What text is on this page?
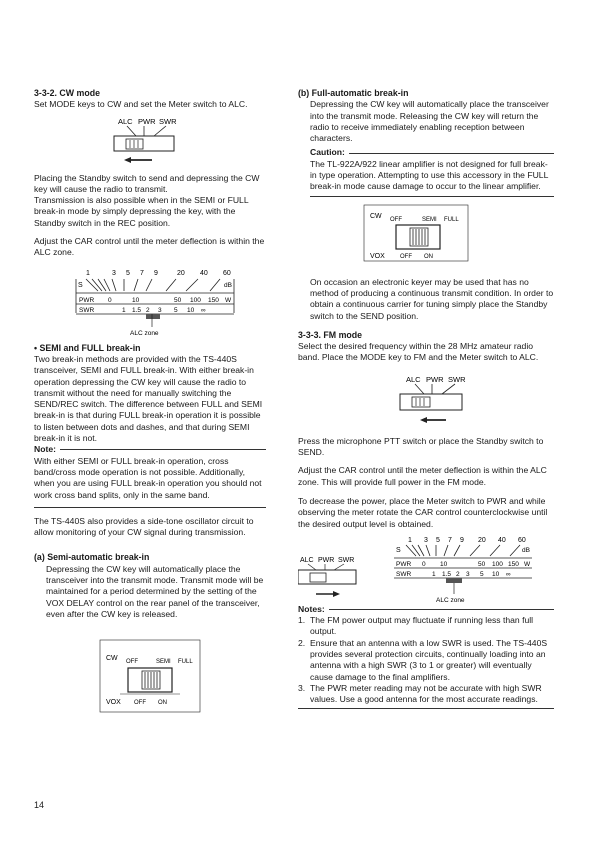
3-3-2. CW mode

Set MODE keys to CW and set the Meter switch to ALC.

ALC PWR SWR

Placing the Standby switch to send and depressing the CW key will cause the radio to transmit.

Transmission is also possible when in the SEMI or FULL break-in mode by simply depressing the key, with the Standby switch in the REC position.

Adjust the CAR control until the meter deflection is within the ALC zone.

1	3 5 7 9	20 40 60
S	dB
PWR 0	10	50 100 150 W
SWR	1 1.5 2 3 5 10 ∞
ALC zone

• SEMI and FULL break-in

Two break-in methods are provided with the TS-440S transceiver, SEMI and FULL break-in. With either break-in operation depressing the CW key will cause the radio to transmit without the need for manually switching the SEND/REC switch. The difference between FULL and SEMI break-in is that during FULL break-in operation it is possible to listen between dots and dashes, and that during SEMI break-in it is not.

Note:

With either SEMI or FULL break-in operation, cross band/cross mode operation is not possible. Additionally, when you are using FULL break-in operation you should not work cross band splits, only in the same band.

The TS-440S also provides a side-tone oscillator circuit to allow monitoring of your CW signal during transmission.

(a) Semi-automatic break-in

Depressing the CW key will automatically place the transceiver into the transmit mode. Transmit mode will be maintained for a period determined by the setting of the VOX DELAY control on the rear panel of the transceiver, even after the CW key is released.

CW OFF	SEMI FULL
VOX OFF ON

(b) Full-automatic break-in

Depressing the CW key will automatically place the transceiver into the transmit mode. Releasing the CW key will return the radio to receive immediately enabling reception between characters.

Caution:

The TL-922A/922 linear amplifier is not designed for full break-in type operation. Attempting to use this accessory in the FULL break-in mode cause damage to occur to the linear amplifier.

CW OFF	SEMI FULL
VOX	OFF ON

On occasion an electronic keyer may be used that has no method of producing a continuous transmit condition. In order to obtain a continuous carrier for tuning simply place the Standby switch to the SEND position.

3-3-3. FM mode

Select the desired frequency within the 28 MHz amateur radio band. Place the MODE key to FM and the Meter switch to ALC.

ALC PWR SWR

Press the microphone PTT switch or place the Standby switch to SEND.

Adjust the CAR control until the meter deflection is within the ALC zone. This will provide full power in the FM mode.

To decrease the power, place the Meter switch to PWR and while observing the meter rotate the CAR control counterclockwise until the desired output level is obtained.

ALC PWR SWR
1 3 5 7 9 20 40 60
S	dB
PWR 0 10	50 100 150 W
SWR	1 1.5 2 3 5 10 ∞
ALC zone
Notes:
1. The FM power output may fluctuate if running less than full output.
2. Ensure that an antenna with a low SWR is used. The TS-440S provides several protection circuits, continually loading into an antenna with a high SWR (3 to 1 or greater) will eventually cause damage to the final amplifiers.
3. The PWR meter reading may not be accurate with high SWR values. Use a good antenna for the most accurate readings.
14
